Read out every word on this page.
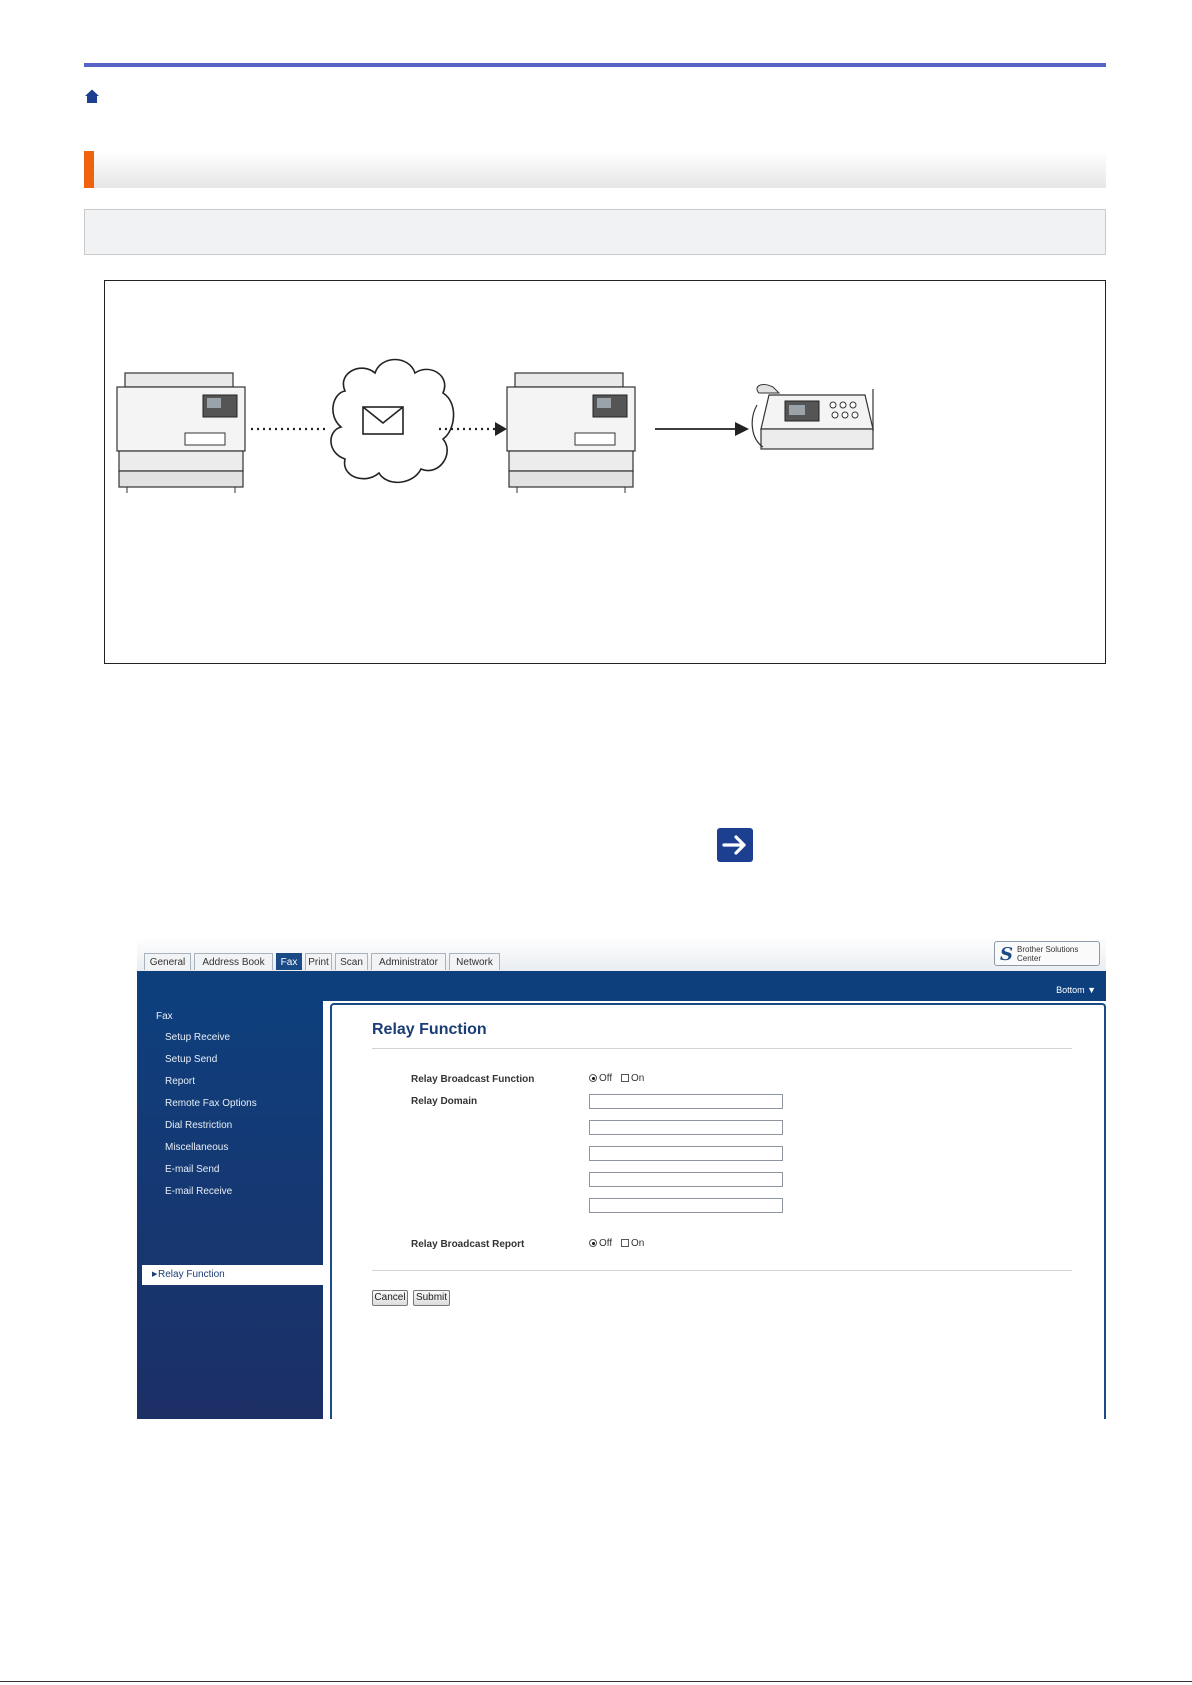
General	Address Book	Fax	Print	Scan	Administrator	Network	S Brother Solutions Center
Bottom ▼
Fax
Setup Receive
Setup Send
Report
Remote Fax Options
Dial Restriction
Miscellaneous
E-mail Send
E-mail Receive
▶ Relay Function
Relay Function
Relay Broadcast Function	Off On
Relay Domain
Relay Broadcast Report	Off On
Cancel Submit
